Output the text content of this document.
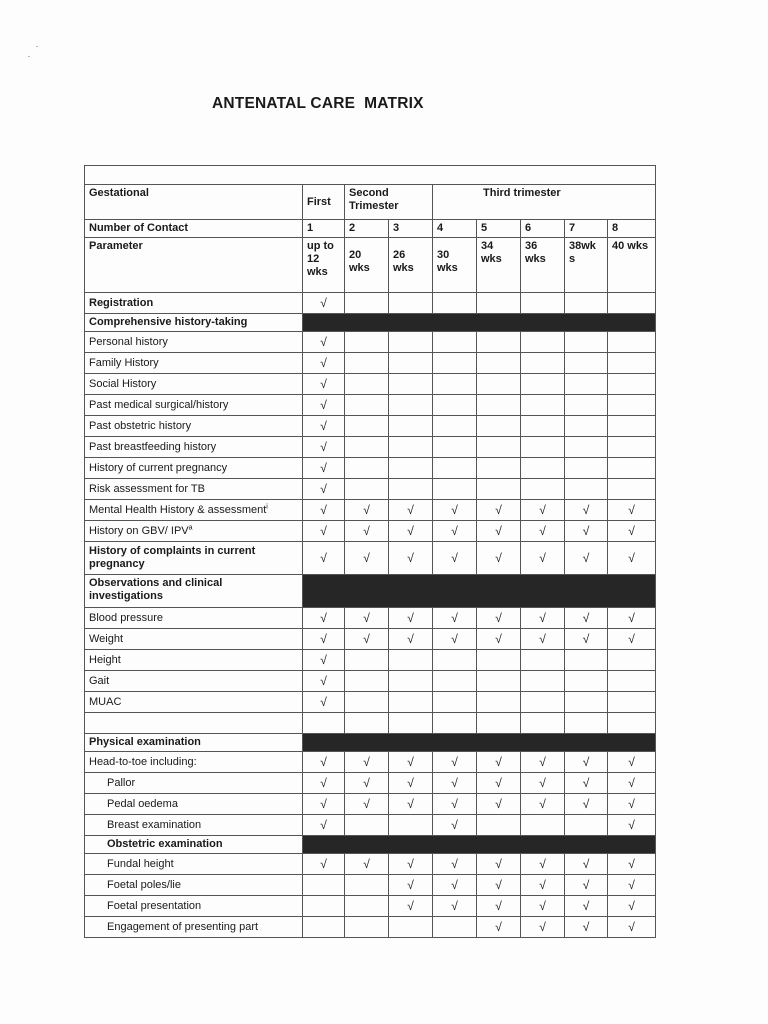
ANTENATAL CARE  MATRIX

Gestational	First	Second Trimester		Third trimester				
Number of Contact	1	2	3	4	5	6	7	8
Parameter	up to 12 wks	20 wks	26 wks	30 wks	34 wks	36 wks	38wk s	40 wks
Registration	√							
Comprehensive history-taking								
Personal history	√							
Family History	√							
Social History	√							
Past medical surgical/history	√							
Past obstetric history	√							
Past breastfeeding history	√							
History of current pregnancy	√							
Risk assessment for TB	√							
Mental Health History & assessment$^i$	√	√	√	√	√	√	√	√
History on GBV/ IPV$^a$	√	√	√	√	√	√	√	√
History of complaints in current pregnancy	√	√	√	√	√	√	√	√
Observations and clinical investigations								
Blood pressure	√	√	√	√	√	√	√	√
Weight	√	√	√	√	√	√	√	√
Height	√							
Gait	√							
MUAC	√							

Physical examination								
Head-to-toe including:	√	√	√	√	√	√	√	√
Pallor	√	√	√	√	√	√	√	√
Pedal oedema	√	√	√	√	√	√	√	√
Breast examination	√			√				√
Obstetric examination								
Fundal height	√	√	√	√	√	√	√	√
Foetal poles/lie			√	√	√	√	√	√
Foetal presentation			√	√	√	√	√	√
Engagement of presenting part					√	√	√	√
